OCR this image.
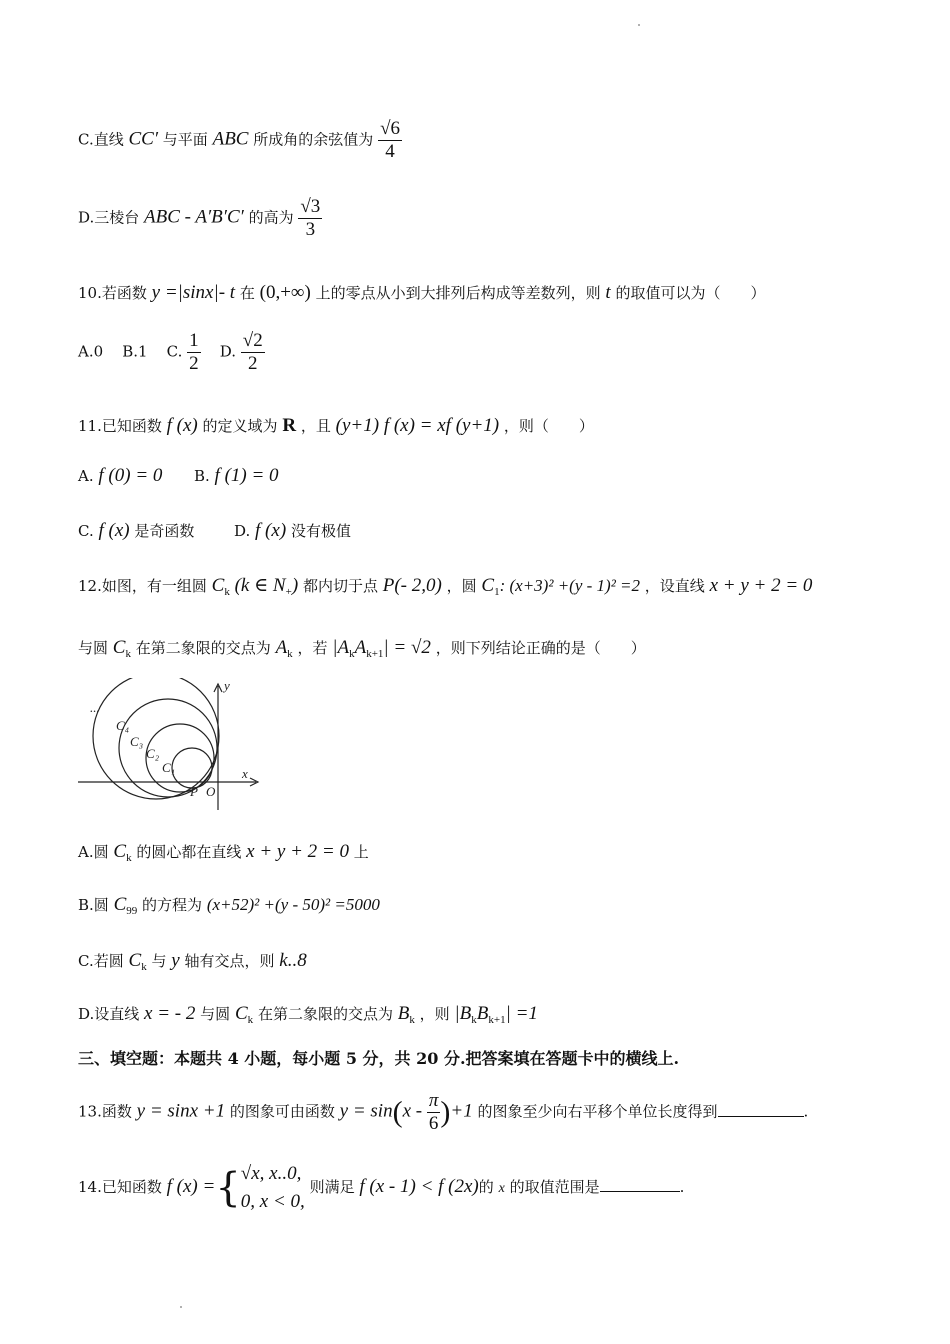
C.直线 CC′ 与平面 ABC 所成角的余弦值为 $\frac{√6}{4}$
D.三棱台 ABC - A′B′C′ 的高为 $\frac{√3}{3}$
10.若函数 y =|sinx|- t 在 (0,+∞) 上的零点从小到大排列后构成等差数列，则 t 的取值可以为（　　）
A.0 B.1 C. $\frac{1}{2} D$. $\frac{√2}{2}$
11.已知函数 f (x) 的定义域为 R ，且 (y+1) f (x) = xf (y+1) ，则（　　）
A. f (0) = 0 B. f (1) = 0
C. f (x) 是奇函数	D. f (x) 没有极值
12.如图，有一组圆 $C_k$ (k ∈ $N_+$) 都内切于点 P(- 2,0) ，圆 $C_1$: (x+3)² +(y - 1)² =2 ，设直线 x + y + 2 = 0
与圆 $C_k$ 在第二象限的交点为 $A_k$ ，若 $|A_kA_{k+1}| = √2$ ，则下列结论正确的是（　　）
...
y
x
P O
C₄
C₃
C₂
C₁
A.圆 $C_k$ 的圆心都在直线 x + y + 2 = 0 上
B.圆 $C_{99}$ 的方程为 (x+52)² +(y - 50)² =5000
C.若圆 $C_k$ 与 y 轴有交点，则 k..8
D.设直线 x = - 2 与圆 $C_k$ 在第二象限的交点为 $B_k$ ，则 $|B_kB_{k+1}| =1$
三、填空题：本题共 4 小题，每小题 5 分，共 20 分.把答案填在答题卡中的横线上.
13.函数 y = sinx +1 的图象可由函数 $y = \sin(x - \frac{\pi}{6} )+1$ 的图象至少向右平移个单位长度得到	.
14.已知函数 f (x) ={ √x, x..0,
0, x < 0,
则满足 f (x - 1) < f (2x)的 x 的取值范围是	.
